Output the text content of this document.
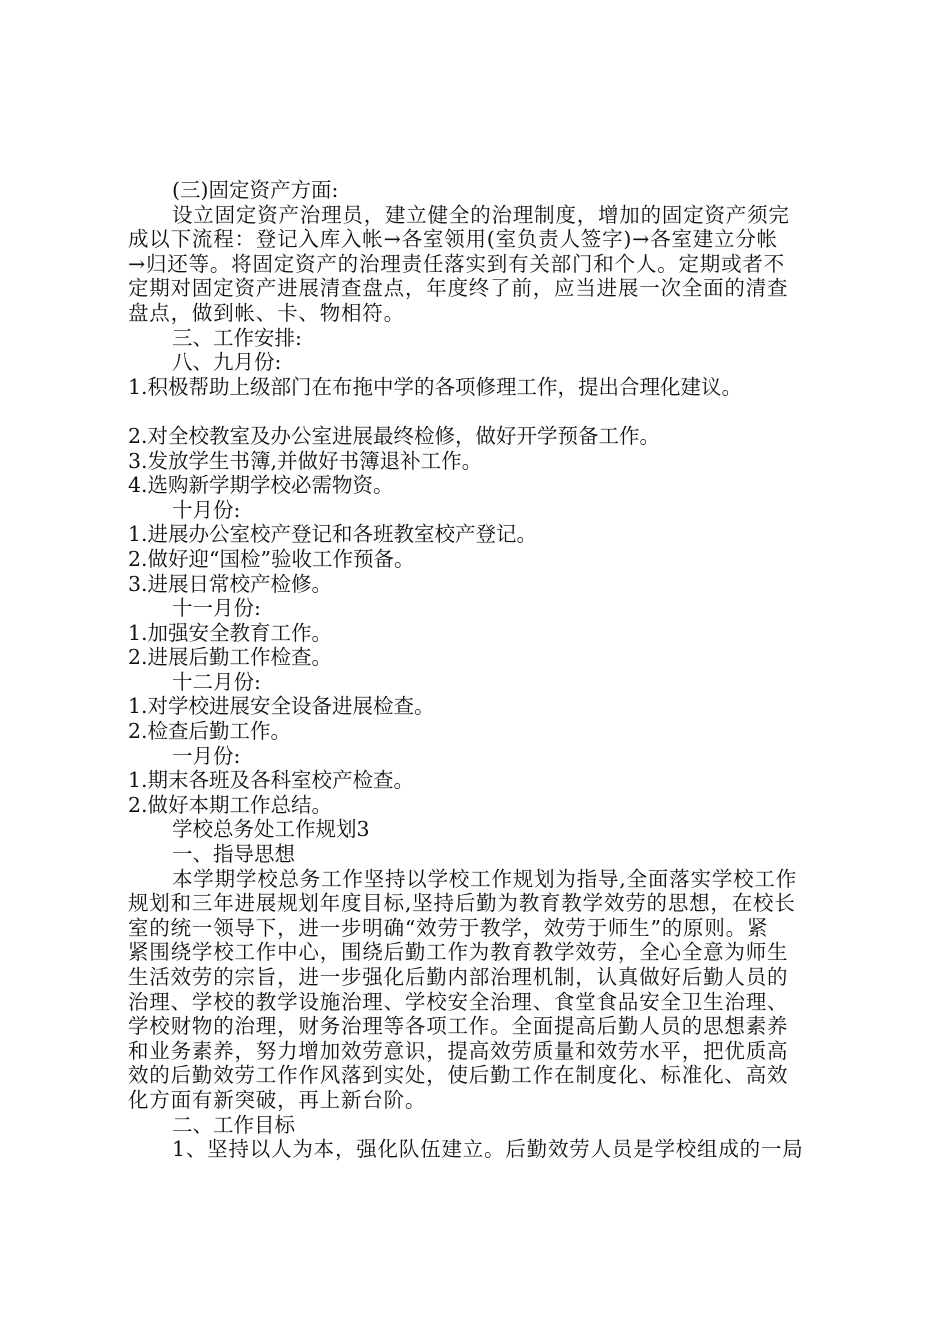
(三)固定资产方面:
设立固定资产治理员，建立健全的治理制度，增加的固定资产须完
成以下流程：登记入库入帐→各室领用(室负责人签字)→各室建立分帐
→归还等。将固定资产的治理责任落实到有关部门和个人。定期或者不
定期对固定资产进展清查盘点，年度终了前，应当进展一次全面的清查
盘点，做到帐、卡、物相符。
三、工作安排:
八、九月份:
1.积极帮助上级部门在布拖中学的各项修理工作，提出合理化建议。
2.对全校教室及办公室进展最终检修，做好开学预备工作。
3.发放学生书簿,并做好书簿退补工作。
4.选购新学期学校必需物资。
十月份:
1.进展办公室校产登记和各班教室校产登记。
2.做好迎“国检”验收工作预备。
3.进展日常校产检修。
十一月份:
1.加强安全教育工作。
2.进展后勤工作检查。
十二月份:
1.对学校进展安全设备进展检查。
2.检查后勤工作。
一月份:
1.期末各班及各科室校产检查。
2.做好本期工作总结。
学校总务处工作规划3
一、指导思想
本学期学校总务工作坚持以学校工作规划为指导,全面落实学校工作
规划和三年进展规划年度目标,坚持后勤为教育教学效劳的思想，在校长
室的统一领导下，进一步明确“效劳于教学，效劳于师生”的原则。紧
紧围绕学校工作中心，围绕后勤工作为教育教学效劳，全心全意为师生
生活效劳的宗旨，进一步强化后勤内部治理机制，认真做好后勤人员的
治理、学校的教学设施治理、学校安全治理、食堂食品安全卫生治理、
学校财物的治理，财务治理等各项工作。全面提高后勤人员的思想素养
和业务素养，努力增加效劳意识，提高效劳质量和效劳水平，把优质高
效的后勤效劳工作作风落到实处，使后勤工作在制度化、标准化、高效
化方面有新突破，再上新台阶。
二、工作目标
1、坚持以人为本，强化队伍建立。后勤效劳人员是学校组成的一局
